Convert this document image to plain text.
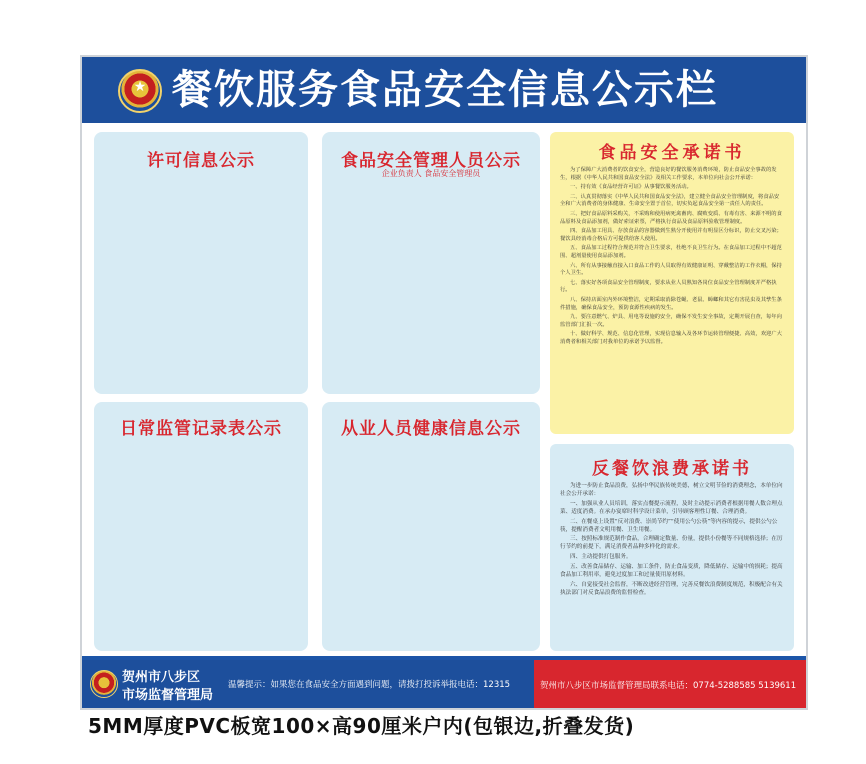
★ 餐饮服务食品安全信息公示栏
许可信息公示	食品安全管理人员公示
企业负责人 食品安全管理员
日常监管记录表公示	从业人员健康信息公示
食品安全承诺书

为了保障广大消费者的饮食安全，营造良好的餐饮服务消费环境，防止食品安全事故的发生，根据《中华人民共和国食品安全法》及相关工作要求，本单位向社会公开承诺：

一、持有效《食品经营许可证》从事餐饮服务活动。

二、认真贯彻落实《中华人民共和国食品安全法》，建立健全食品安全管理制度，将食品安全和广大消费者的身体健康、生命安全置于首位，切实负起食品安全第一责任人的责任。

三、把好食品原料采购关，不采购和使用病死禽畜肉、腐败变质、有毒有害、来源不明的食品原料及食品添加剂，做好索证索票，严格执行食品及食品原料验收管理制度。

四、食品加工用具、存放食品的容器做到生熟分开使用并有明显区分标识，防止交叉污染；餐饮具经消毒合格后方可提供给客人使用。

五、食品加工过程符合规范并符合卫生要求，杜绝不良卫生行为。在食品加工过程中不超范围、超剂量使用食品添加剂。

六、所有从事接触直接入口食品工作的人员取得有效健康证明、穿戴整洁的工作衣帽，保持个人卫生。

七、落实好各项食品安全管理制度，要求从业人员熟知各岗位食品安全管理制度并严格执行。

八、保持店面室内外环境整洁，定期采取消除苍蝇、老鼠、蟑螂和其它有害昆虫及其孳生条件措施，确保食品安全，预防食源性疾病的发生。

九、要注意燃气、炉具、用电等设施的安全，确保不发生安全事故，定期开展自查，每年向监管部门汇报一次。

十、做好科学、规范、信息化管理，实现信息输入及各环节运转管理便捷、高效，欢迎广大消费者和相关部门对我单位的承诺予以监督。

反餐饮浪费承诺书

为进一步防止食品浪费，弘扬中华民族传统美德，树立文明节俭的消费理念，本单位向社会公开承诺：

一、加强从业人员培训，落实点餐提示流程，及时主动提示消费者根据用餐人数合理点菜、适度消费。在承办宴席时科学设计菜单，引导顾客理性订餐、合理消费。

二、在餐桌上设置“反对浪费、崇尚节约”“使用公勺公筷”等内容的提示，提供公勺公筷，提醒消费者文明用餐、卫生用餐。

三、按照标准规范制作食品，合理确定数量、份量，提供小份餐等不同规格选择；在厉行节约的前提下，满足消费者品种多样化的需求。

四、主动提供打包服务。

五、改善食品储存、运输、加工条件，防止食品变质，降低储存、运输中的损耗；提高食品加工利用率，避免过度加工和过量使用原材料。

六、自觉接受社会监督，不断改进经营管理，完善反餐饮浪费制度规范，积极配合有关执法部门对反食品浪费的监督检查。

贺州市八步区
市场监督管理局
温馨提示：如果您在食品安全方面遇到问题，请拨打投诉举报电话：12315	贺州市八步区市场监督管理局联系电话：0774-5288585 5139611
5MM厚度PVC板宽100×高90厘米户内(包银边,折叠发货)
